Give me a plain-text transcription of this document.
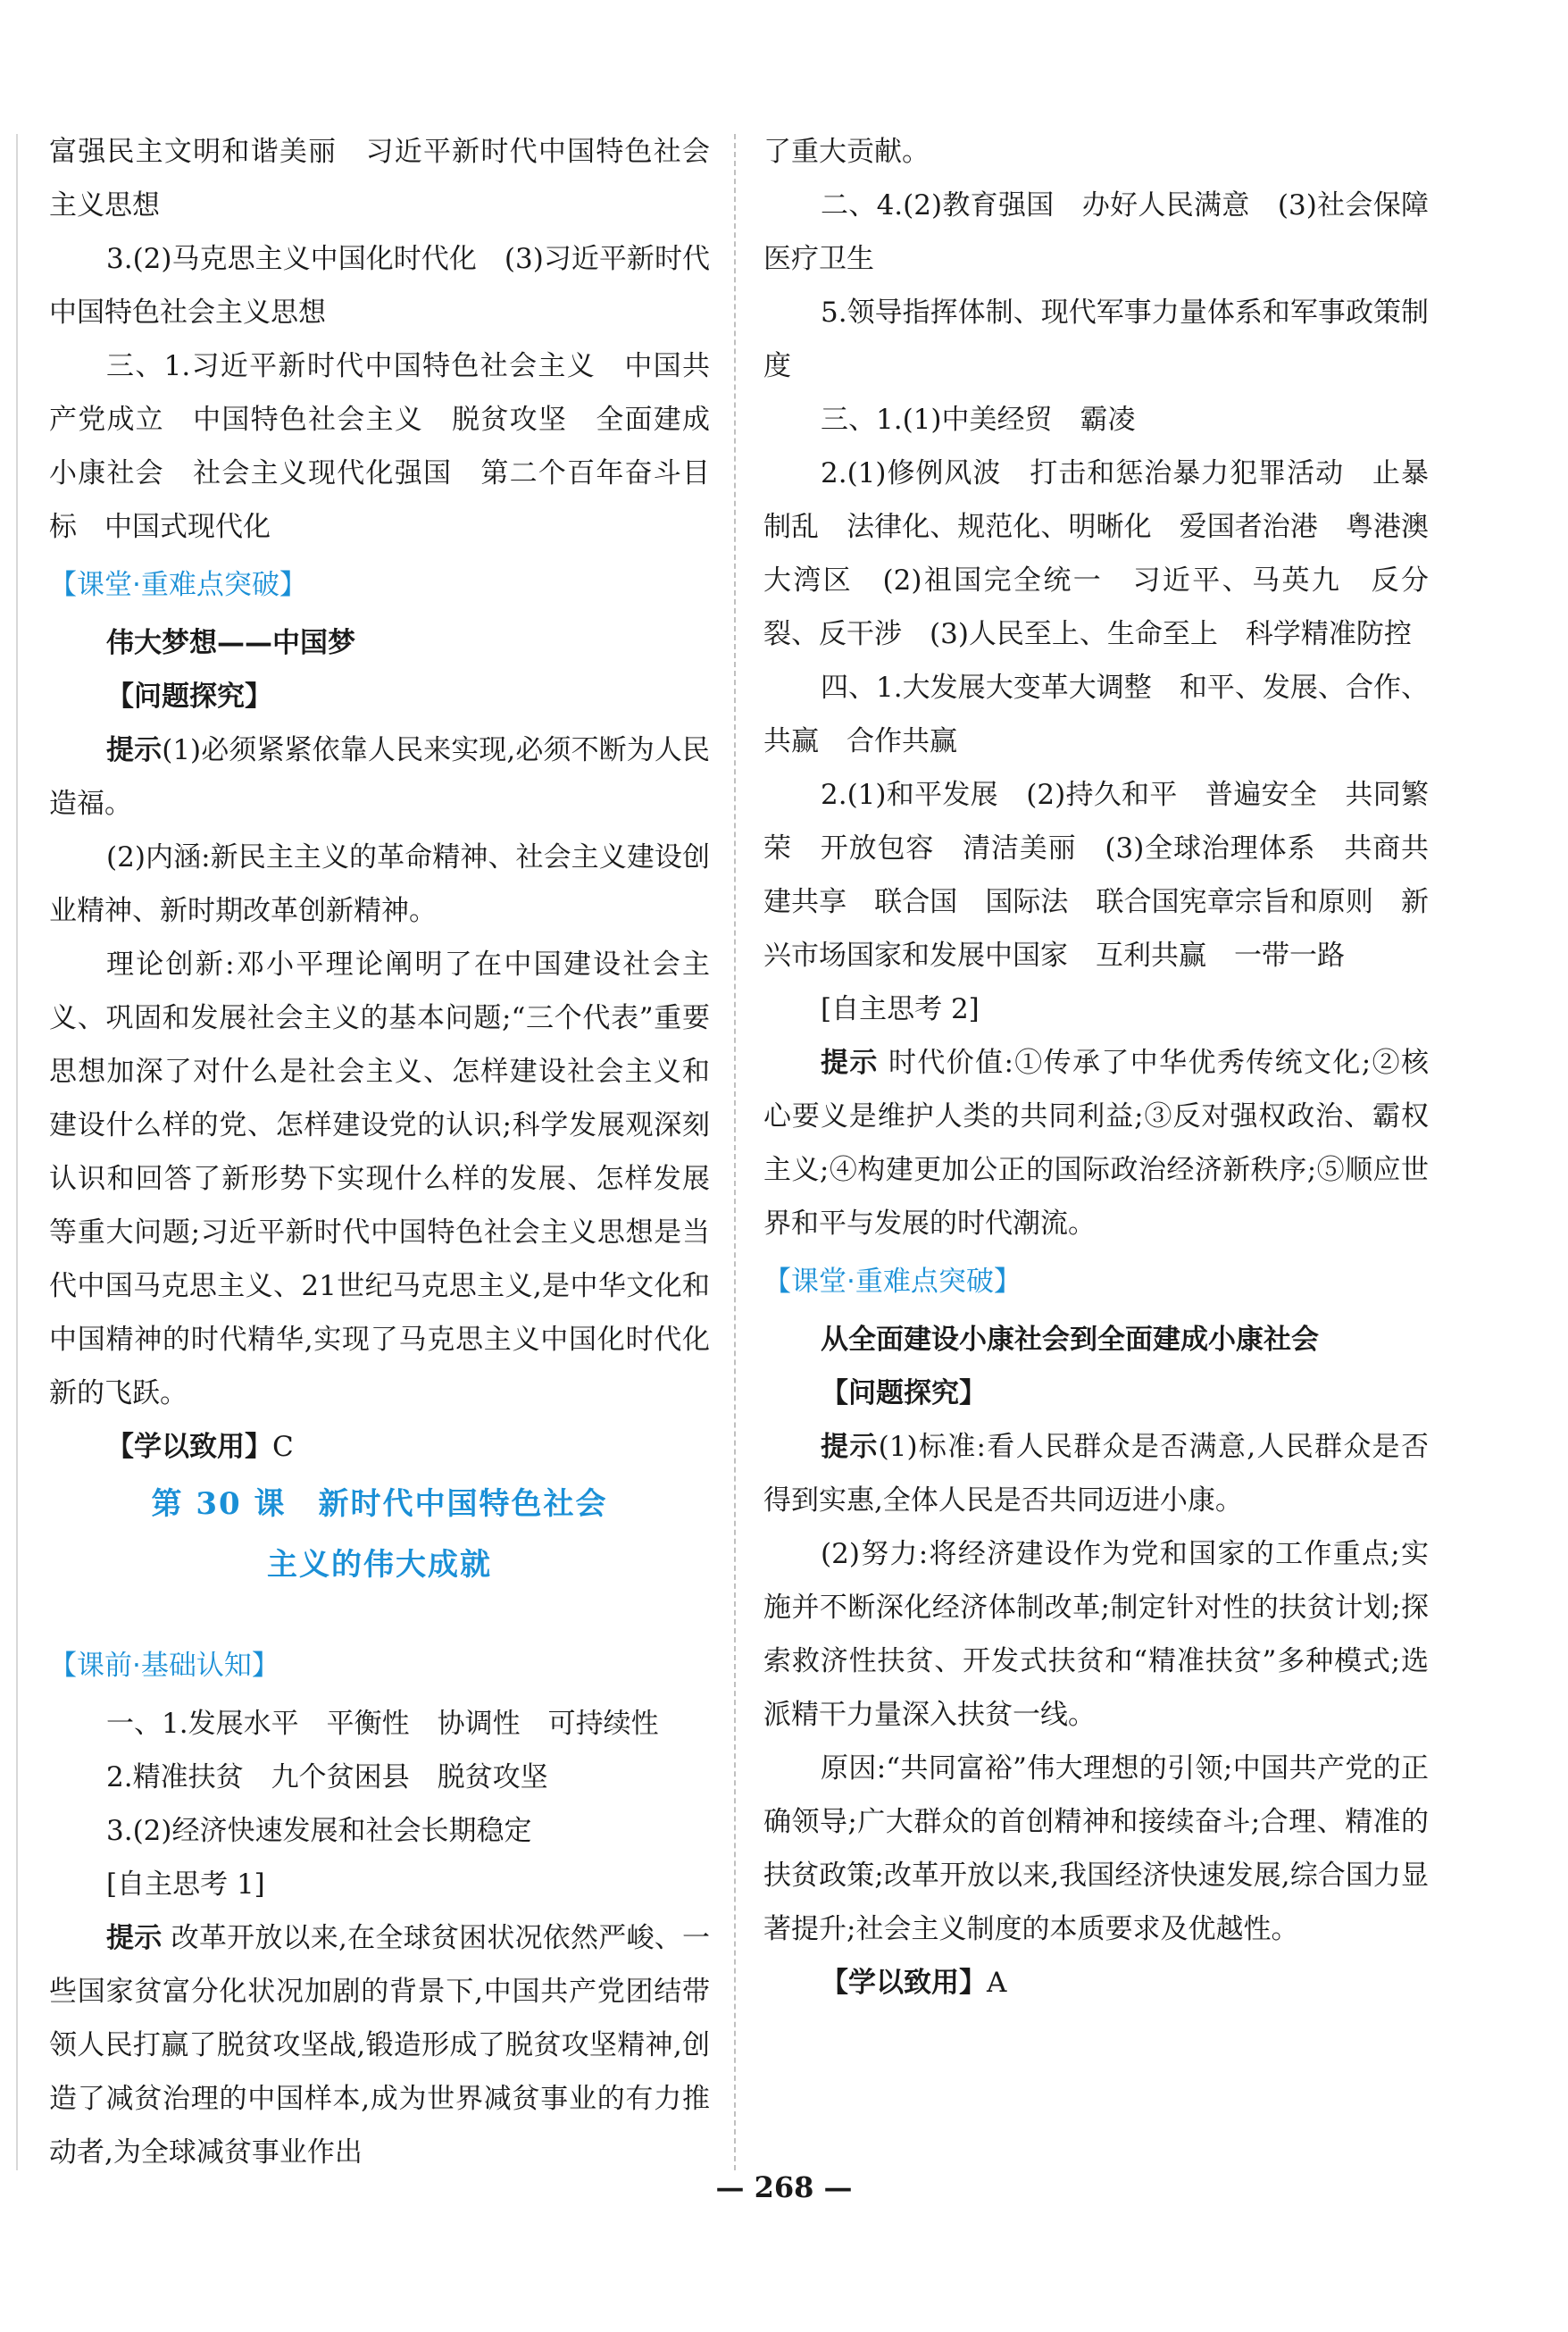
富强民主文明和谐美丽　习近平新时代中国特色社会主义思想

3.(2)马克思主义中国化时代化　(3)习近平新时代中国特色社会主义思想

三、1.习近平新时代中国特色社会主义　中国共产党成立　中国特色社会主义　脱贫攻坚　全面建成小康社会　社会主义现代化强国　第二个百年奋斗目标　中国式现代化

【课堂·重难点突破】

伟大梦想——中国梦

【问题探究】

提示(1)必须紧紧依靠人民来实现,必须不断为人民造福。

(2)内涵:新民主主义的革命精神、社会主义建设创业精神、新时期改革创新精神。

理论创新:邓小平理论阐明了在中国建设社会主义、巩固和发展社会主义的基本问题;“三个代表”重要思想加深了对什么是社会主义、怎样建设社会主义和建设什么样的党、怎样建设党的认识;科学发展观深刻认识和回答了新形势下实现什么样的发展、怎样发展等重大问题;习近平新时代中国特色社会主义思想是当代中国马克思主义、21世纪马克思主义,是中华文化和中国精神的时代精华,实现了马克思主义中国化时代化新的飞跃。

【学以致用】C

第 30 课　新时代中国特色社会

主义的伟大成就

【课前·基础认知】

一、1.发展水平　平衡性　协调性　可持续性

2.精准扶贫　九个贫困县　脱贫攻坚

3.(2)经济快速发展和社会长期稳定

[自主思考 1]

提示 改革开放以来,在全球贫困状况依然严峻、一些国家贫富分化状况加剧的背景下,中国共产党团结带领人民打赢了脱贫攻坚战,锻造形成了脱贫攻坚精神,创造了减贫治理的中国样本,成为世界减贫事业的有力推动者,为全球减贫事业作出

了重大贡献。

二、4.(2)教育强国　办好人民满意　(3)社会保障　医疗卫生

5.领导指挥体制、现代军事力量体系和军事政策制度

三、1.(1)中美经贸　霸凌

2.(1)修例风波　打击和惩治暴力犯罪活动　止暴制乱　法律化、规范化、明晰化　爱国者治港　粤港澳大湾区　(2)祖国完全统一　习近平、马英九　反分裂、反干涉　(3)人民至上、生命至上　科学精准防控

四、1.大发展大变革大调整　和平、发展、合作、共赢　合作共赢

2.(1)和平发展　(2)持久和平　普遍安全　共同繁荣　开放包容　清洁美丽　(3)全球治理体系　共商共建共享　联合国　国际法　联合国宪章宗旨和原则　新兴市场国家和发展中国家　互利共赢　一带一路

[自主思考 2]

提示 时代价值:①传承了中华优秀传统文化;②核心要义是维护人类的共同利益;③反对强权政治、霸权主义;④构建更加公正的国际政治经济新秩序;⑤顺应世界和平与发展的时代潮流。

【课堂·重难点突破】

从全面建设小康社会到全面建成小康社会

【问题探究】

提示(1)标准:看人民群众是否满意,人民群众是否得到实惠,全体人民是否共同迈进小康。

(2)努力:将经济建设作为党和国家的工作重点;实施并不断深化经济体制改革;制定针对性的扶贫计划;探索救济性扶贫、开发式扶贫和“精准扶贫”多种模式;选派精干力量深入扶贫一线。

原因:“共同富裕”伟大理想的引领;中国共产党的正确领导;广大群众的首创精神和接续奋斗;合理、精准的扶贫政策;改革开放以来,我国经济快速发展,综合国力显著提升;社会主义制度的本质要求及优越性。

【学以致用】A

— 268 —
